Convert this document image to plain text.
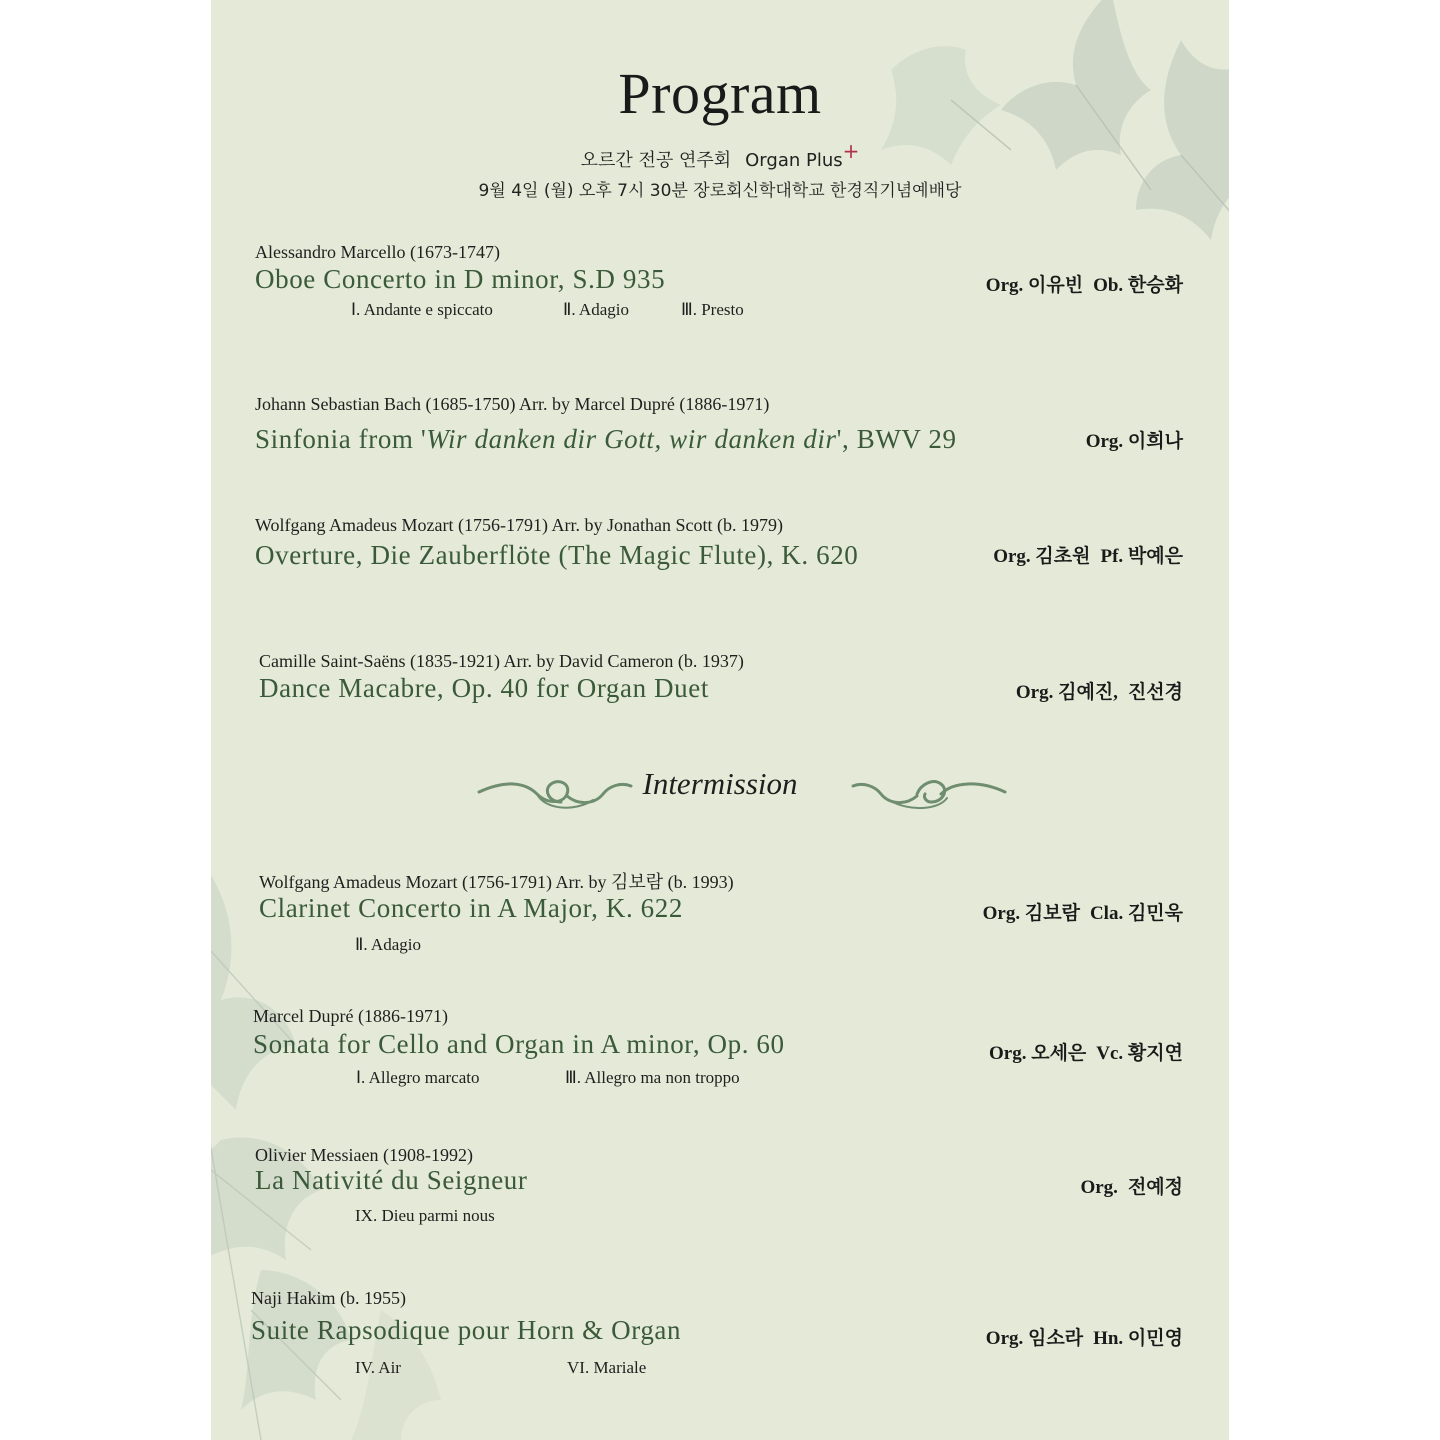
Program
오르간 전공 연주회 Organ Plus+
9월 4일 (월) 오후 7시 30분 장로회신학대학교 한경직기념예배당
Alessandro Marcello (1673-1747)
Oboe Concerto in D minor, S.D 935
Ⅰ. Andante e spiccato	Ⅱ. Adagio	Ⅲ. Presto
Org. 이유빈 Ob. 한승화
Johann Sebastian Bach (1685-1750) Arr. by Marcel Dupré (1886-1971)
Sinfonia from 'Wir danken dir Gott, wir danken dir', BWV 29	Org. 이희나
Wolfgang Amadeus Mozart (1756-1791) Arr. by Jonathan Scott (b. 1979)
Overture, Die Zauberflöte (The Magic Flute), K. 620	Org. 김초원 Pf. 박예은
Camille Saint-Saëns (1835-1921) Arr. by David Cameron (b. 1937)
Dance Macabre, Op. 40 for Organ Duet	Org. 김예진, 진선경
Intermission
Wolfgang Amadeus Mozart (1756-1791) Arr. by 김보람 (b. 1993)
Clarinet Concerto in A Major, K. 622
Ⅱ. Adagio
Org. 김보람 Cla. 김민욱
Marcel Dupré (1886-1971)
Sonata for Cello and Organ in A minor, Op. 60
Ⅰ. Allegro marcato	Ⅲ. Allegro ma non troppo
Org. 오세은 Vc. 황지연
Olivier Messiaen (1908-1992)
La Nativité du Seigneur
IX. Dieu parmi nous
Org. 전예정
Naji Hakim (b. 1955)
Suite Rapsodique pour Horn & Organ
IV. Air	VI. Mariale
Org. 임소라 Hn. 이민영
